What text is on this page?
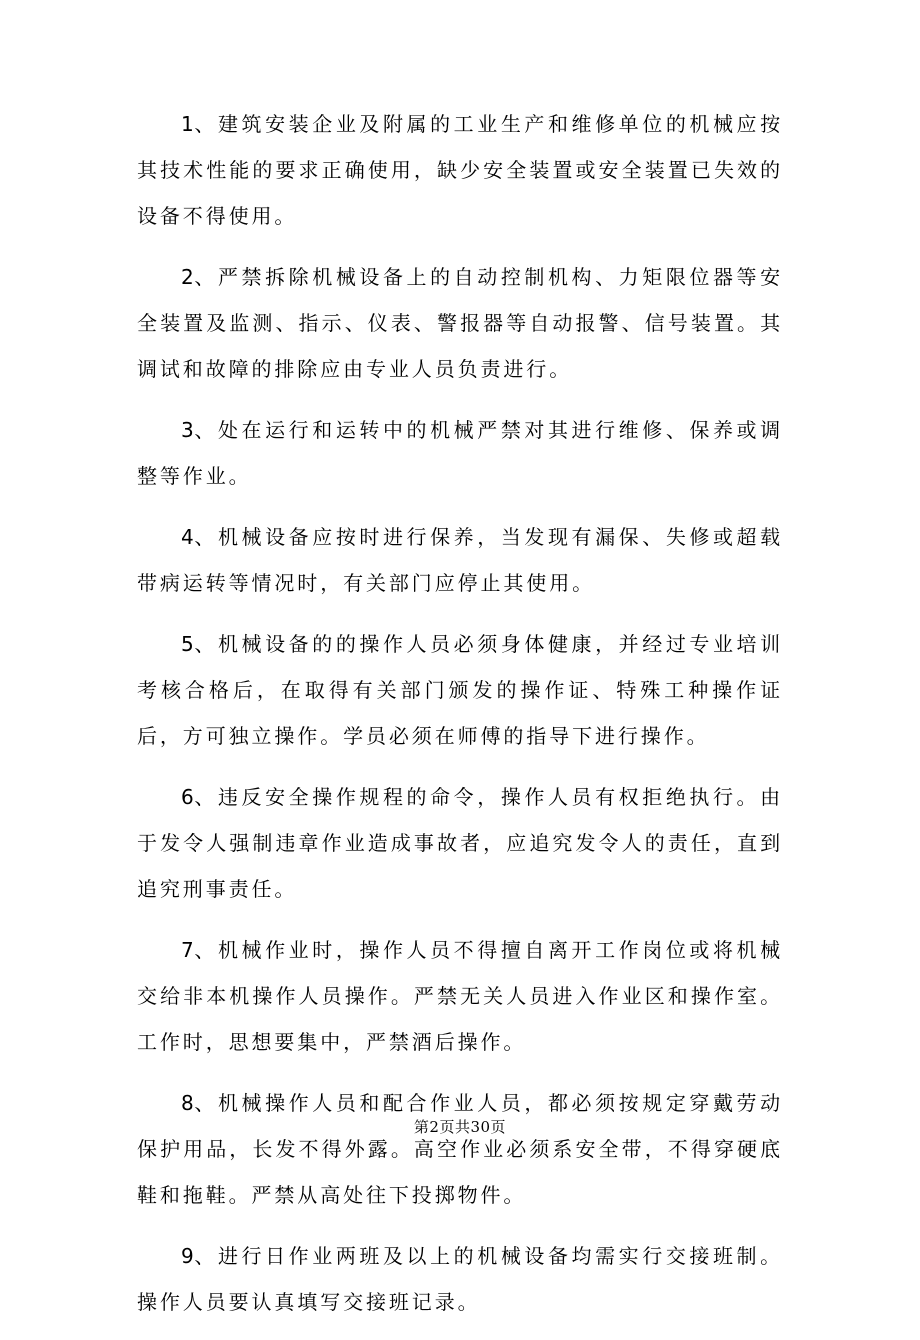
1、建筑安装企业及附属的工业生产和维修单位的机械应按其技术性能的要求正确使用，缺少安全装置或安全装置已失效的设备不得使用。

2、严禁拆除机械设备上的自动控制机构、力矩限位器等安全装置及监测、指示、仪表、警报器等自动报警、信号装置。其调试和故障的排除应由专业人员负责进行。

3、处在运行和运转中的机械严禁对其进行维修、保养或调整等作业。

4、机械设备应按时进行保养，当发现有漏保、失修或超载带病运转等情况时，有关部门应停止其使用。

5、机械设备的的操作人员必须身体健康，并经过专业培训考核合格后，在取得有关部门颁发的操作证、特殊工种操作证后，方可独立操作。学员必须在师傅的指导下进行操作。

6、违反安全操作规程的命令，操作人员有权拒绝执行。由于发令人强制违章作业造成事故者，应追究发令人的责任，直到追究刑事责任。

7、机械作业时，操作人员不得擅自离开工作岗位或将机械交给非本机操作人员操作。严禁无关人员进入作业区和操作室。工作时，思想要集中，严禁酒后操作。

8、机械操作人员和配合作业人员，都必须按规定穿戴劳动保护用品，长发不得外露。高空作业必须系安全带，不得穿硬底鞋和拖鞋。严禁从高处往下投掷物件。

9、进行日作业两班及以上的机械设备均需实行交接班制。操作人员要认真填写交接班记录。

第2页共30页
